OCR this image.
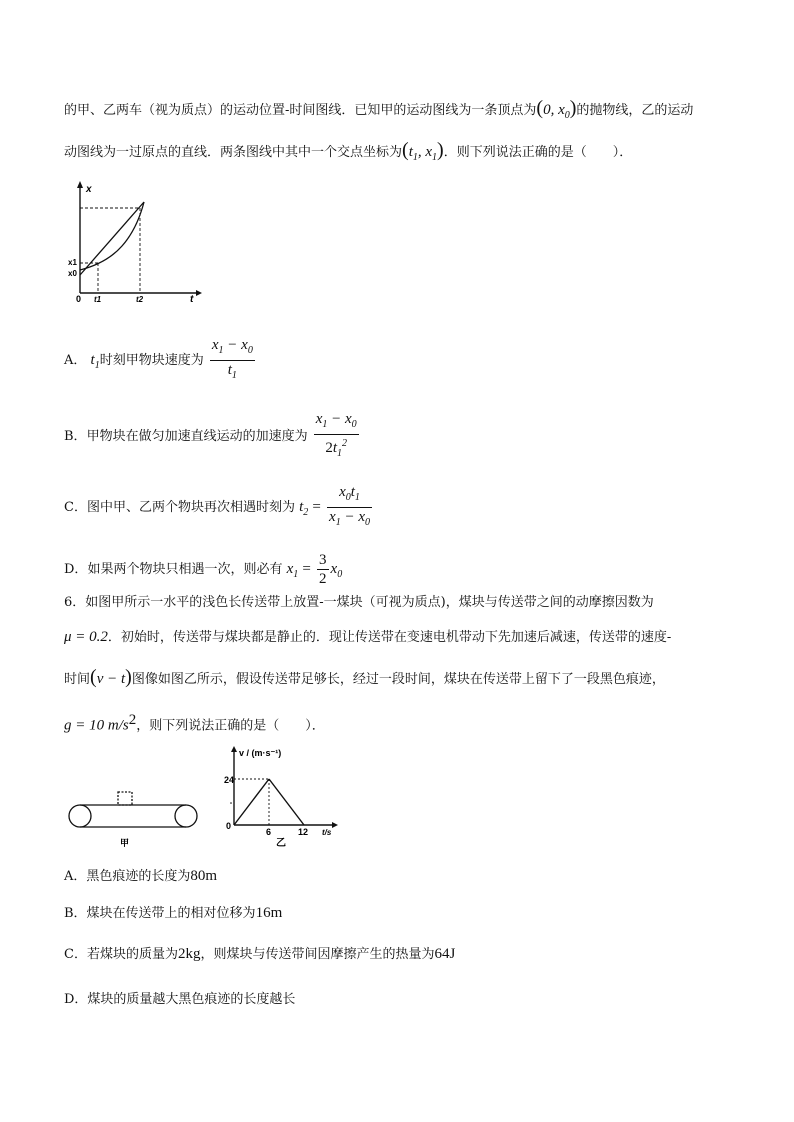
的甲、乙两车（视为质点）的运动位置-时间图线．已知甲的运动图线为一条顶点为(0, $x_0$)的抛物线，乙的运动
动图线为一过原点的直线．两条图线中其中一个交点坐标为($t_1$, $x_1$)．则下列说法正确的是（　　）．
x
t
0
x1
x0
t1	t2
A． $t_1$时刻甲物块速度为 $\frac{x_1 - x_0}{t_1}$
B．甲物块在做匀加速直线运动的加速度为 $\frac{x_1 - x_0}{2t_1^2}$
C．图中甲、乙两个物块再次相遇时刻为 $t_2 = \frac{x_0t_1}{x_1 - x_0}$
D．如果两个物块只相遇一次，则必有 $x_1 = \frac{3}{2} x_0$
6．如图甲所示一水平的浅色长传送带上放置-一煤块（可视为质点)，煤块与传送带之间的动摩擦因数为
μ = 0.2．初始时，传送带与煤块都是静止的．现让传送带在变速电机带动下先加速后减速，传送带的速度-
时间(v − t)图像如图乙所示，假设传送带足够长，经过一段时间，煤块在传送带上留下了一段黑色痕迹，
g = 10 $m/s^2$，则下列说法正确的是（　　）．
甲
v / (m·s⁻¹)
24
0
6	12 t/s
乙
A．黑色痕迹的长度为80m
B．煤块在传送带上的相对位移为16m
C．若煤块的质量为2kg，则煤块与传送带间因摩擦产生的热量为64J
D．煤块的质量越大黑色痕迹的长度越长
